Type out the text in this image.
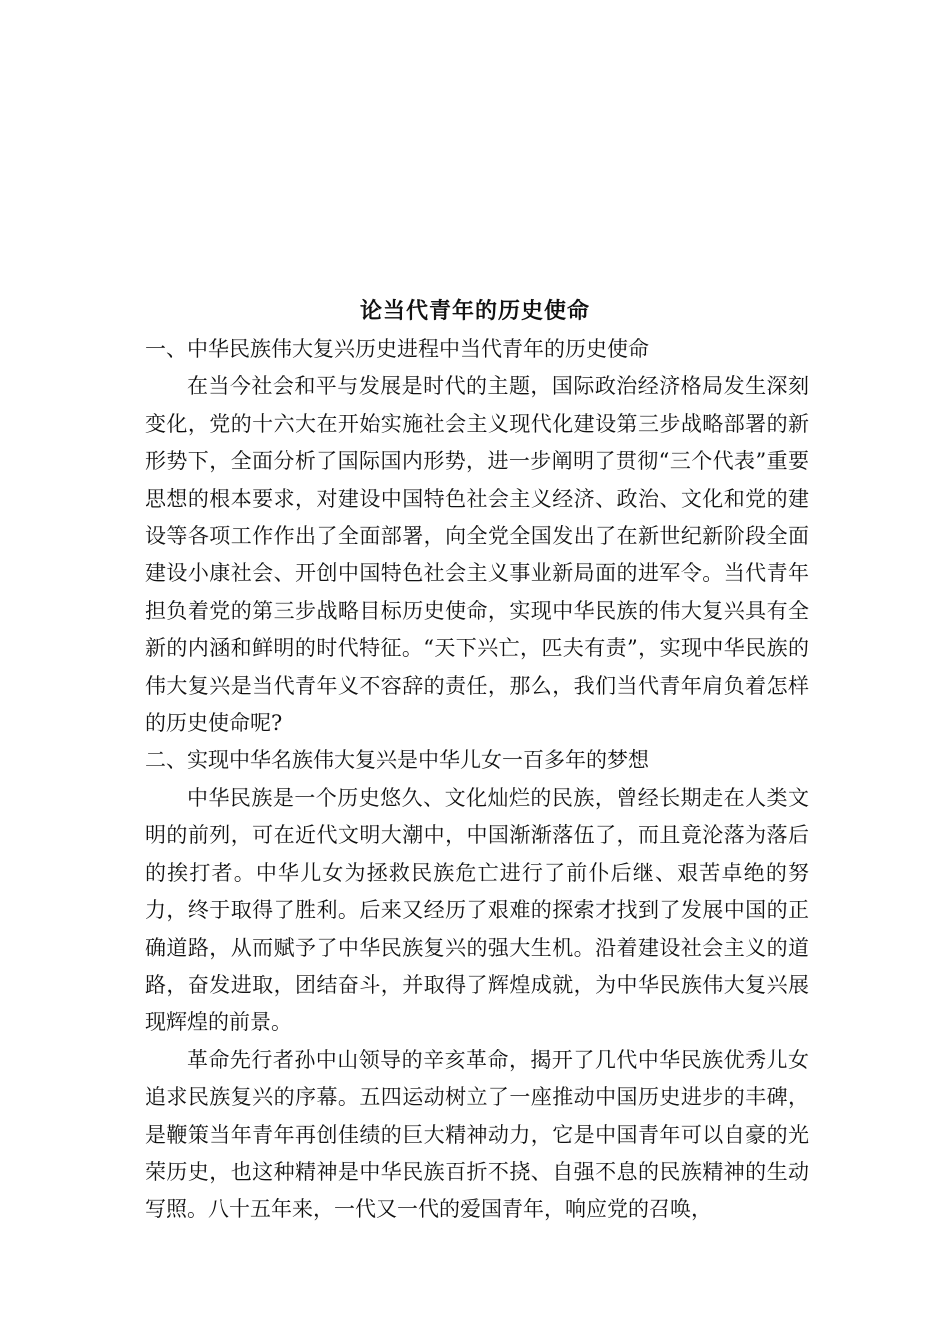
论当代青年的历史使命

一、中华民族伟大复兴历史进程中当代青年的历史使命

在当今社会和平与发展是时代的主题，国际政治经济格局发生深刻变化，党的十六大在开始实施社会主义现代化建设第三步战略部署的新形势下，全面分析了国际国内形势，进一步阐明了贯彻“三个代表”重要思想的根本要求，对建设中国特色社会主义经济、政治、文化和党的建设等各项工作作出了全面部署，向全党全国发出了在新世纪新阶段全面建设小康社会、开创中国特色社会主义事业新局面的进军令。当代青年担负着党的第三步战略目标历史使命，实现中华民族的伟大复兴具有全新的内涵和鲜明的时代特征。“天下兴亡，匹夫有责”，实现中华民族的伟大复兴是当代青年义不容辞的责任，那么，我们当代青年肩负着怎样的历史使命呢?

二、实现中华名族伟大复兴是中华儿女一百多年的梦想

中华民族是一个历史悠久、文化灿烂的民族，曾经长期走在人类文明的前列，可在近代文明大潮中，中国渐渐落伍了，而且竟沦落为落后的挨打者。中华儿女为拯救民族危亡进行了前仆后继、艰苦卓绝的努力，终于取得了胜利。后来又经历了艰难的探索才找到了发展中国的正确道路，从而赋予了中华民族复兴的强大生机。沿着建设社会主义的道路，奋发进取，团结奋斗，并取得了辉煌成就，为中华民族伟大复兴展现辉煌的前景。

革命先行者孙中山领导的辛亥革命，揭开了几代中华民族优秀儿女追求民族复兴的序幕。五四运动树立了一座推动中国历史进步的丰碑，是鞭策当年青年再创佳绩的巨大精神动力，它是中国青年可以自豪的光荣历史，也这种精神是中华民族百折不挠、自强不息的民族精神的生动写照。八十五年来，一代又一代的爱国青年，响应党的召唤，
